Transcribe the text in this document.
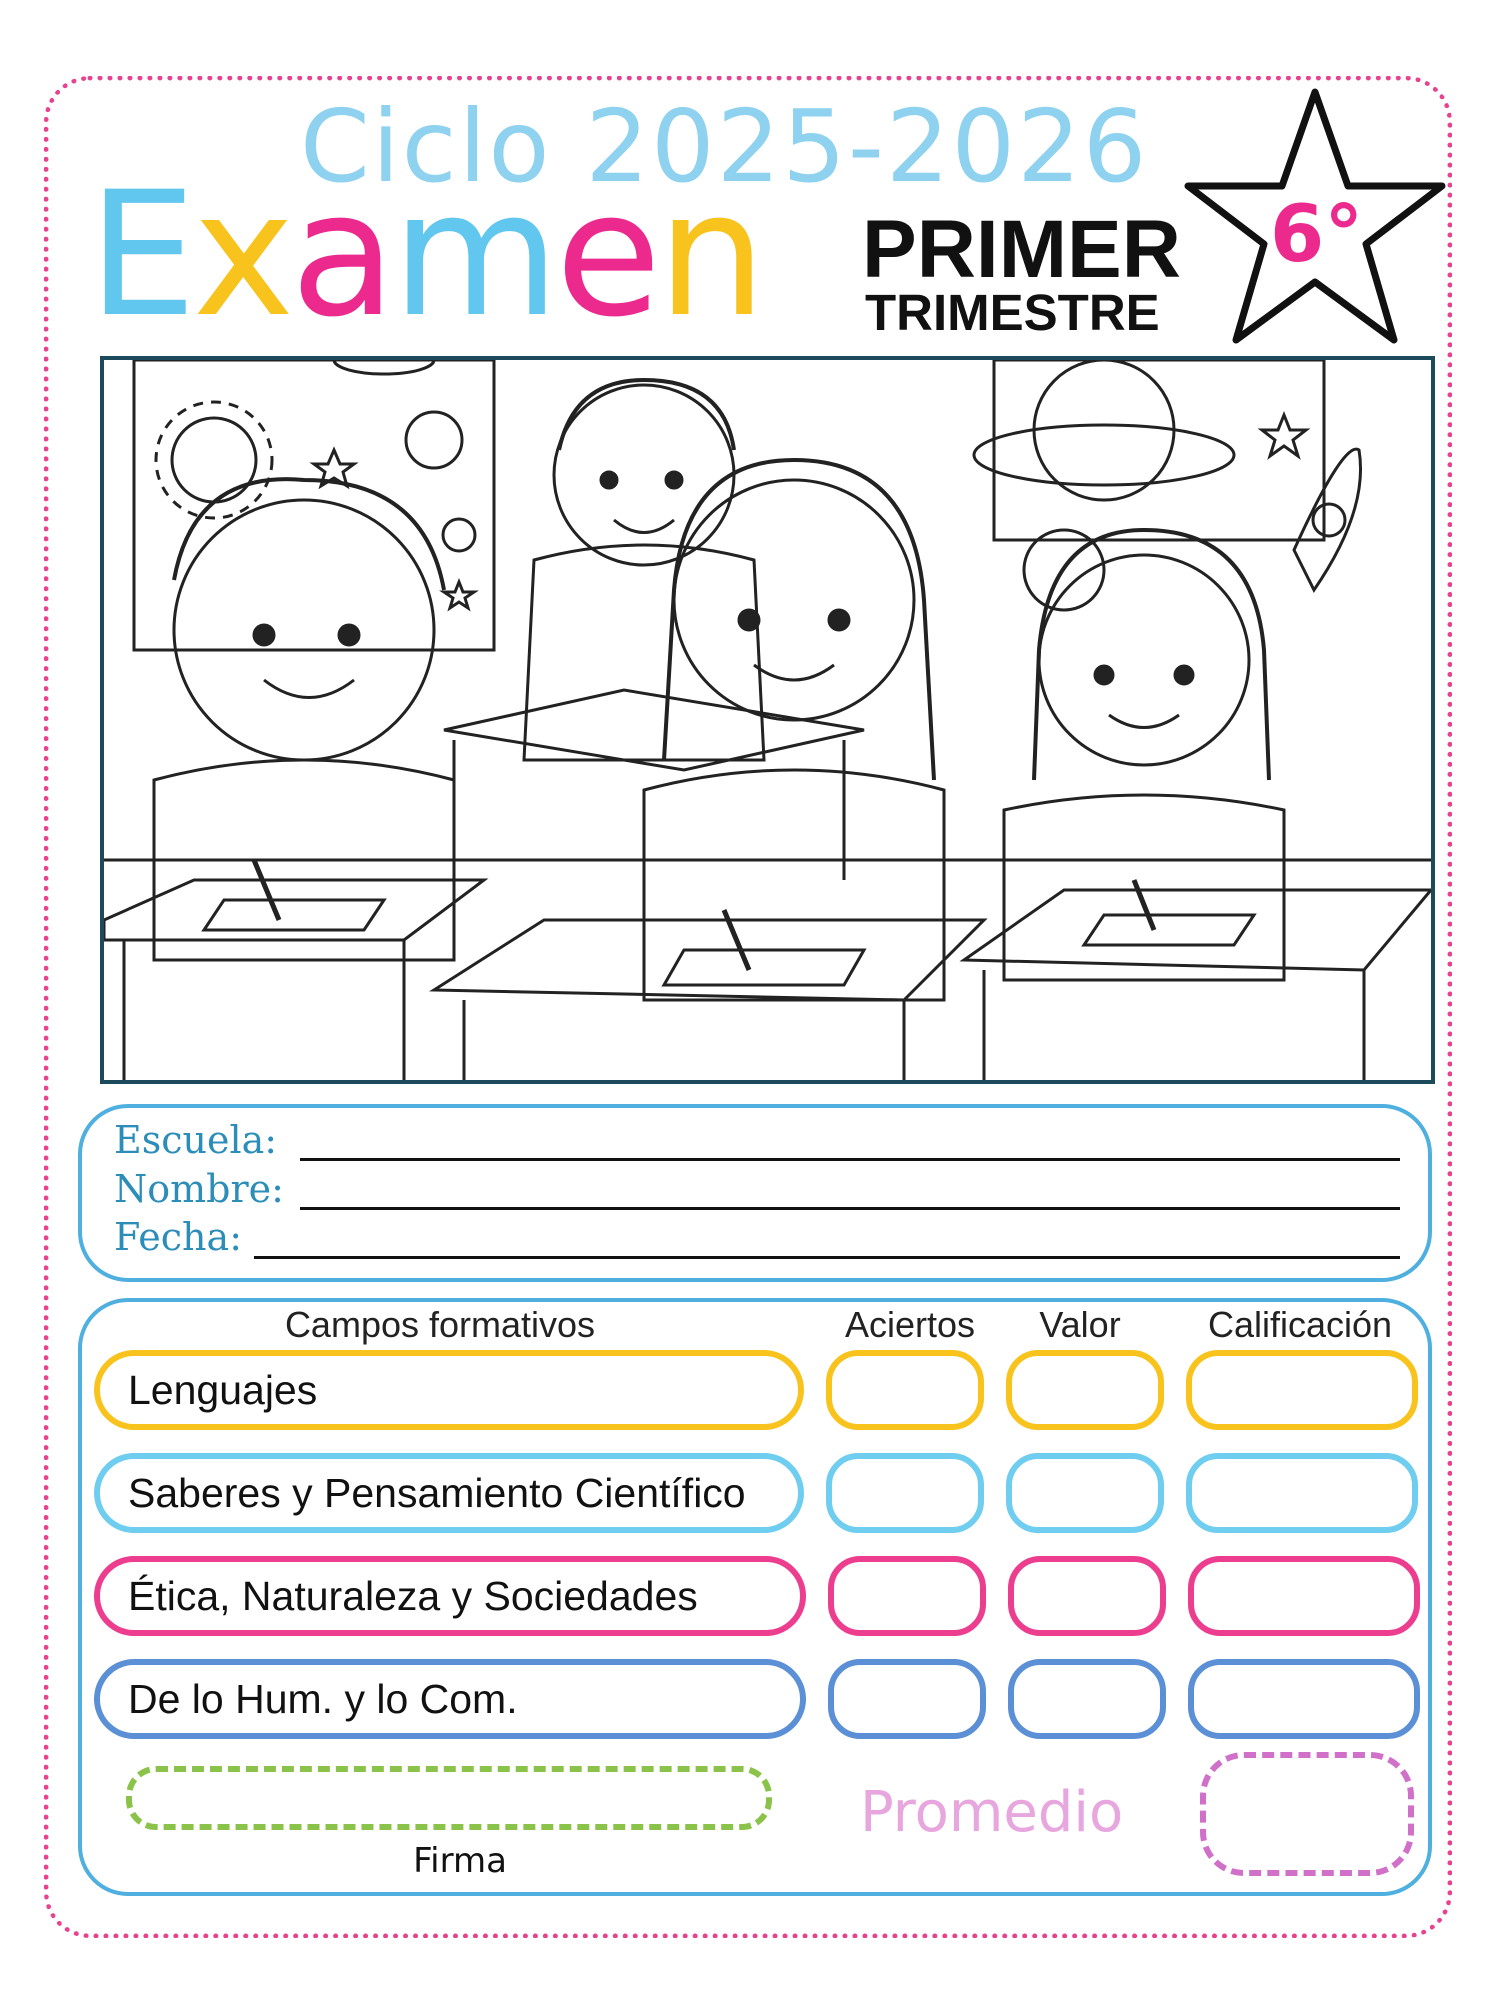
Ciclo 2025-2026
Examen PRIMER
TRIMESTRE
6°
Escuela:
Nombre:
Fecha:
Campos formativos	Aciertos	Valor	Calificación
Lenguajes
Saberes y Pensamiento Científico
Ética, Naturaleza y Sociedades
De lo Hum. y lo Com.
Firma
Promedio
